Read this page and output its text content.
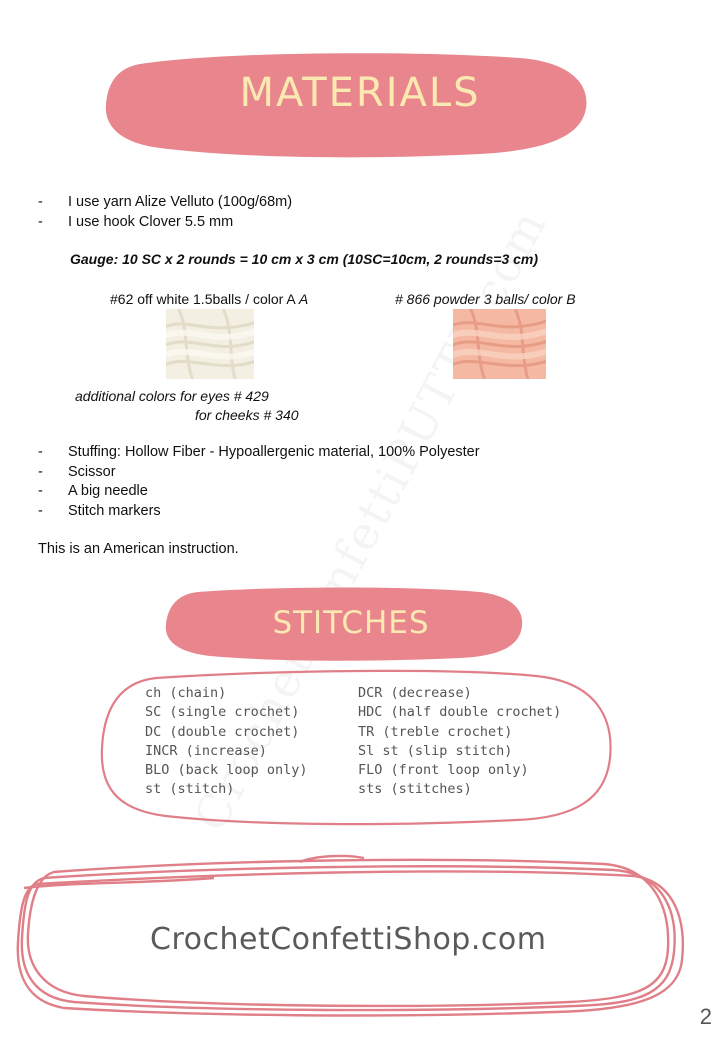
MATERIALS
- I use yarn Alize Velluto (100g/68m)
- I use hook Clover 5.5 mm
Gauge: 10 SC x 2 rounds = 10 cm x 3 cm (10SC=10cm, 2 rounds=3 cm)
#62 off white 1.5balls / color A A	# 866 powder 3 balls/ color B
additional colors for eyes # 429
for cheeks # 340
- Stuffing: Hollow Fiber - Hypoallergenic material, 100% Polyester
- Scissor
- A big needle
- Stitch markers
This is an American instruction.
STITCHES
ch (chain)
SC (single crochet)
DC (double crochet)
INCR (increase)
BLO (back loop only)
st (stitch)
DCR (decrease)
HDC (half double crochet)
TR (treble crochet)
Sl st (slip stitch)
FLO (front loop only)
sts (stitches)
CrochetConfettiShop.com
2
